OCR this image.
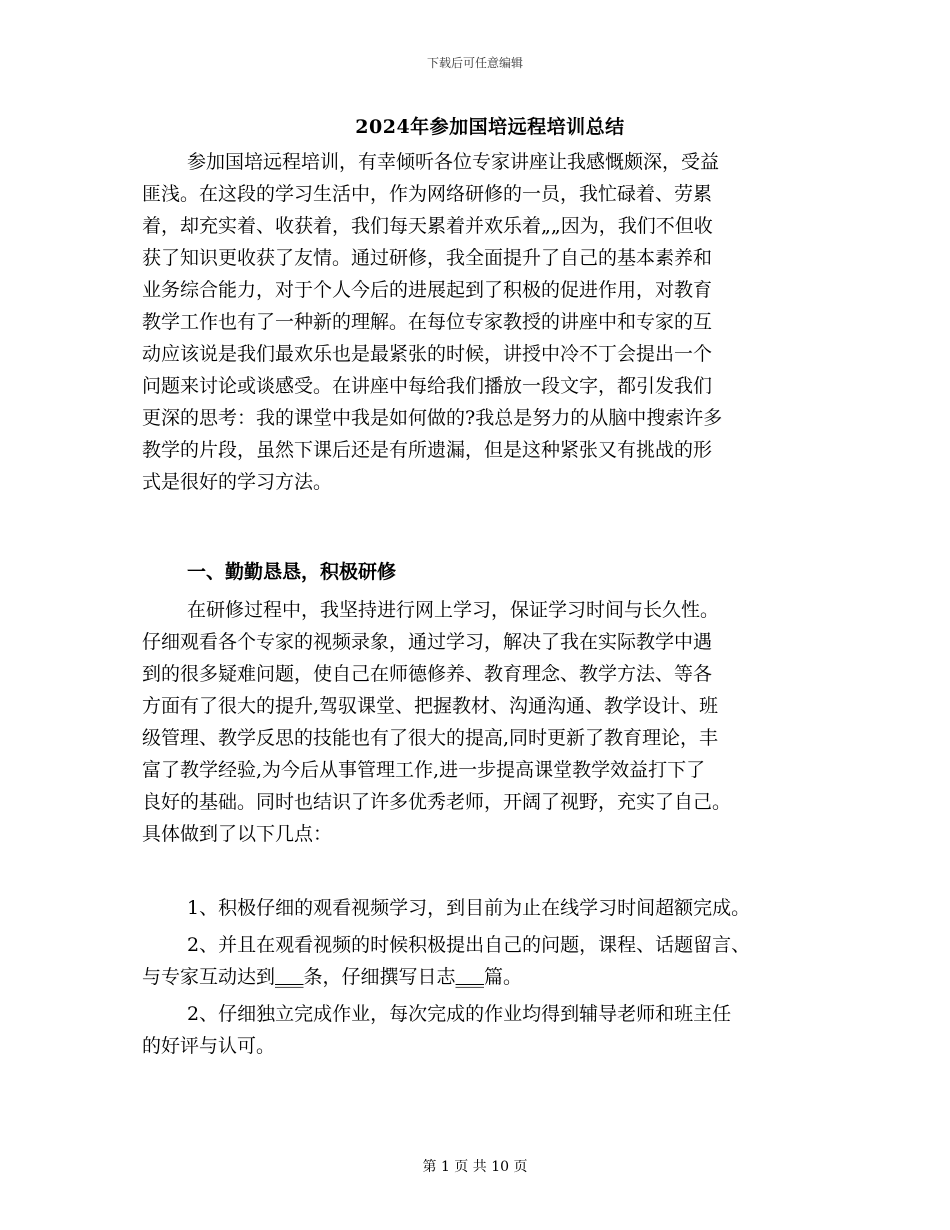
下载后可任意编辑
2024年参加国培远程培训总结
参加国培远程培训，有幸倾听各位专家讲座让我感慨颇深，受益
匪浅。在这段的学习生活中，作为网络研修的一员，我忙碌着、劳累
着，却充实着、收获着，我们每天累着并欢乐着„„因为，我们不但收
获了知识更收获了友情。通过研修，我全面提升了自己的基本素养和
业务综合能力，对于个人今后的进展起到了积极的促进作用，对教育
教学工作也有了一种新的理解。在每位专家教授的讲座中和专家的互
动应该说是我们最欢乐也是最紧张的时候，讲授中冷不丁会提出一个
问题来讨论或谈感受。在讲座中每给我们播放一段文字，都引发我们
更深的思考：我的课堂中我是如何做的?我总是努力的从脑中搜索许多
教学的片段，虽然下课后还是有所遗漏，但是这种紧张又有挑战的形
式是很好的学习方法。
一、勤勤恳恳，积极研修
在研修过程中，我坚持进行网上学习，保证学习时间与长久性。
仔细观看各个专家的视频录象，通过学习，解决了我在实际教学中遇
到的很多疑难问题，使自己在师德修养、教育理念、教学方法、等各
方面有了很大的提升,驾驭课堂、把握教材、沟通沟通、教学设计、班
级管理、教学反思的技能也有了很大的提高,同时更新了教育理论，丰
富了教学经验,为今后从事管理工作,进一步提高课堂教学效益打下了
良好的基础。同时也结识了许多优秀老师，开阔了视野，充实了自己。
具体做到了以下几点：
1、积极仔细的观看视频学习，到目前为止在线学习时间超额完成。
2、并且在观看视频的时候积极提出自己的问题，课程、话题留言、
与专家互动达到___条，仔细撰写日志___篇。
2、仔细独立完成作业，每次完成的作业均得到辅导老师和班主任
的好评与认可。
第 1 页 共 10 页
